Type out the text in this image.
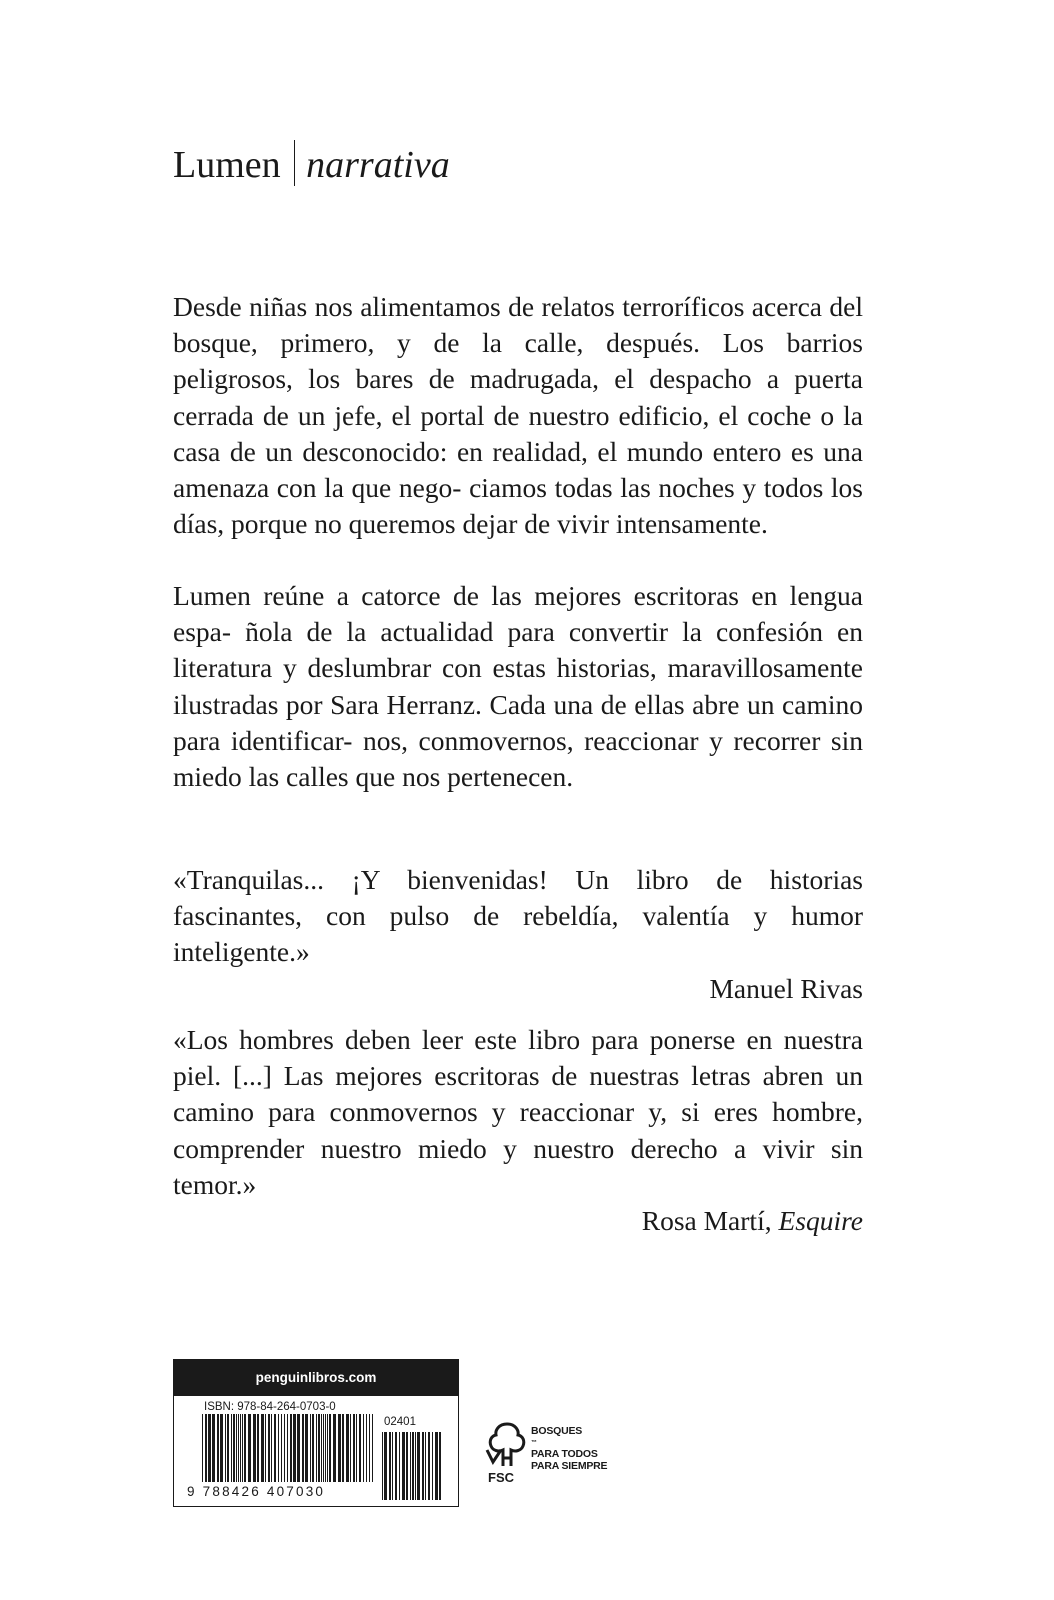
Lumen narrativa

Desde niñas nos alimentamos de relatos terroríficos acerca del bosque, primero, y de la calle, después. Los barrios peligrosos, los bares de madrugada, el despacho a puerta cerrada de un jefe, el portal de nuestro edificio, el coche o la casa de un desconocido: en realidad, el mundo entero es una amenaza con la que nego- ciamos todas las noches y todos los días, porque no queremos dejar de vivir intensamente.

Lumen reúne a catorce de las mejores escritoras en lengua espa- ñola de la actualidad para convertir la confesión en literatura y deslumbrar con estas historias, maravillosamente ilustradas por Sara Herranz. Cada una de ellas abre un camino para identificar- nos, conmovernos, reaccionar y recorrer sin miedo las calles que nos pertenecen.

«Tranquilas... ¡Y bienvenidas! Un libro de historias fascinantes, con pulso de rebeldía, valentía y humor inteligente.»
Manuel Rivas
«Los hombres deben leer este libro para ponerse en nuestra piel. [...] Las mejores escritoras de nuestras letras abren un camino para conmovernos y reaccionar y, si eres hombre, comprender nuestro miedo y nuestro derecho a vivir sin temor.»
Rosa Martí, Esquire
penguinlibros.com
ISBN: 978-84-264-0703-0
02401
9 788426 407030
FSC
BOSQUES
™
PARA TODOS
PARA SIEMPRE
